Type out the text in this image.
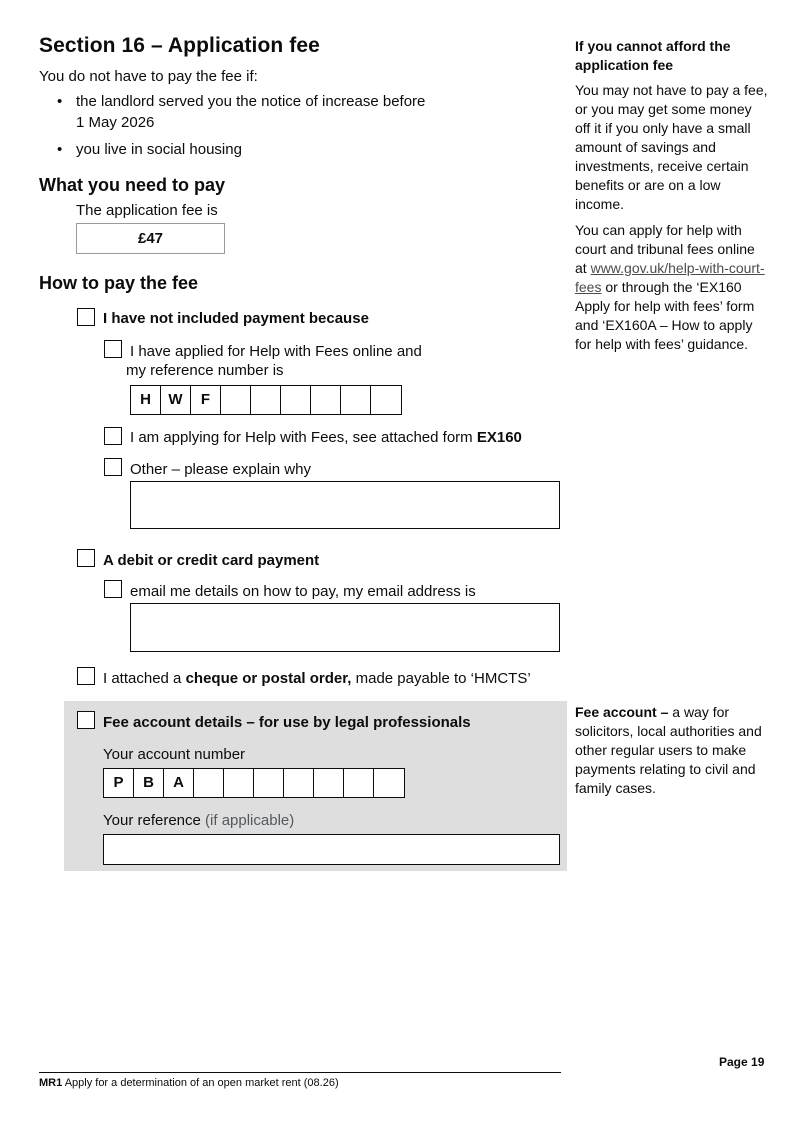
Section 16 – Application fee
You do not have to pay the fee if:
• the landlord served you the notice of increase before
1 May 2026
• you live in social housing
What you need to pay
The application fee is
£47
How to pay the fee
I have not included payment because
I have applied for Help with Fees online and
my reference number is
H	W	F
I am applying for Help with Fees, see attached form EX160
Other – please explain why
A debit or credit card payment
email me details on how to pay, my email address is
I attached a cheque or postal order, made payable to ‘HMCTS’
Fee account details – for use by legal professionals
Your account number
P	B	A
Your reference (if applicable)

If you cannot afford the application fee

You may not have to pay a fee, or you may get some money off it if you only have a small amount of savings and investments, receive certain benefits or are on a low income.

You can apply for help with court and tribunal fees online at www.gov.uk/help-with-court-fees or through the ‘EX160 Apply for help with fees’ form and ‘EX160A – How to apply for help with fees’ guidance.

Fee account – a way for solicitors, local authorities and other regular users to make payments relating to civil and family cases.

Page 19
MR1 Apply for a determination of an open market rent (08.26)
